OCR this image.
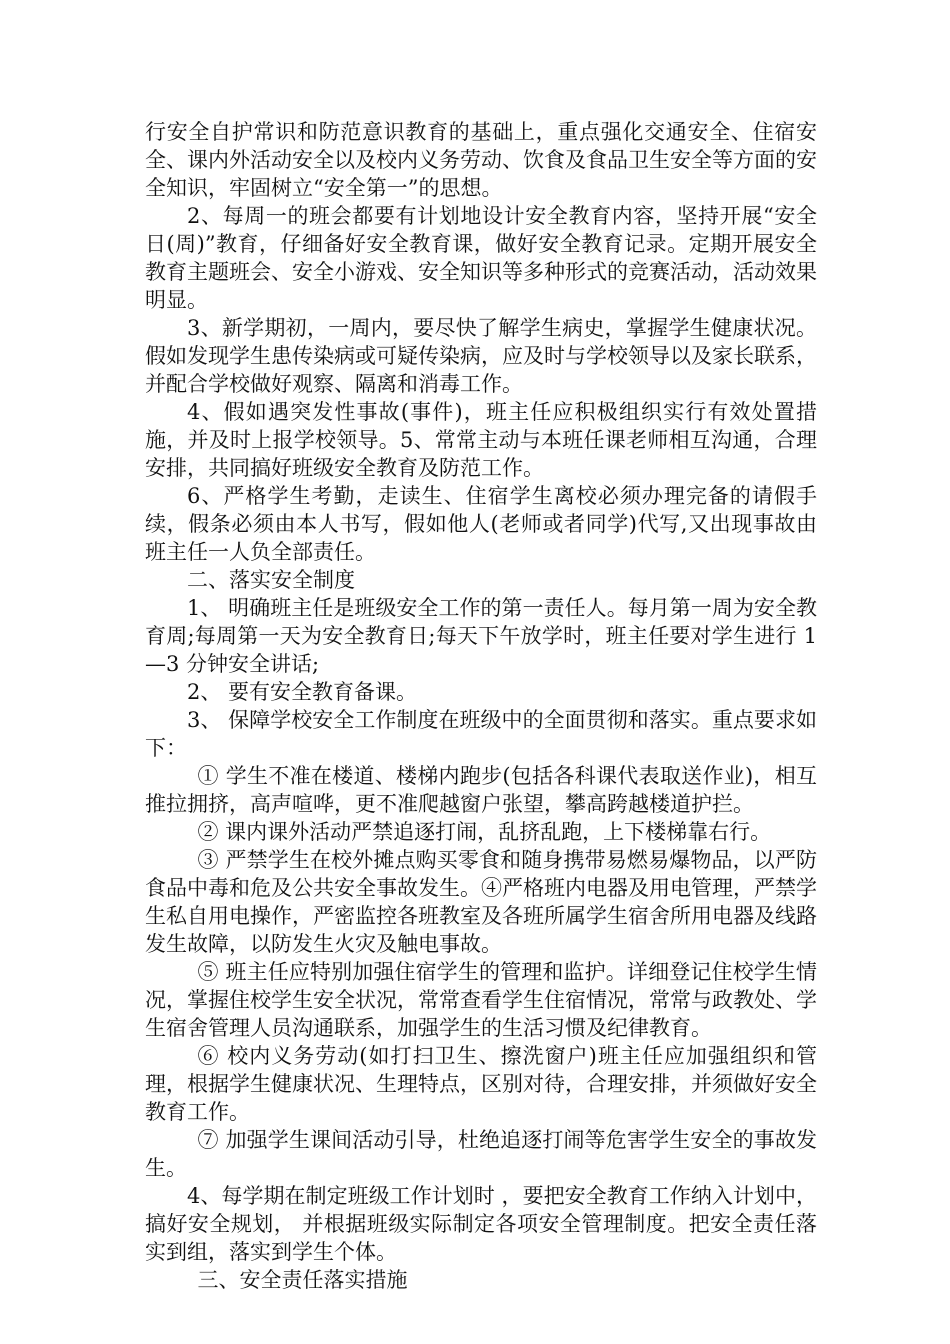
行安全自护常识和防范意识教育的基础上，重点强化交通安全、住宿安全、课内外活动安全以及校内义务劳动、饮食及食品卫生安全等方面的安全知识，牢固树立“安全第一”的思想。

2、每周一的班会都要有计划地设计安全教育内容，坚持开展“安全日(周)”教育，仔细备好安全教育课，做好安全教育记录。定期开展安全教育主题班会、安全小游戏、安全知识等多种形式的竞赛活动，活动效果明显。

3、新学期初，一周内，要尽快了解学生病史，掌握学生健康状况。假如发现学生患传染病或可疑传染病，应及时与学校领导以及家长联系，并配合学校做好观察、隔离和消毒工作。

4、假如遇突发性事故(事件)，班主任应积极组织实行有效处置措施，并及时上报学校领导。5、常常主动与本班任课老师相互沟通，合理安排，共同搞好班级安全教育及防范工作。

6、严格学生考勤，走读生、住宿学生离校必须办理完备的请假手续，假条必须由本人书写，假如他人(老师或者同学)代写,又出现事故由班主任一人负全部责任。

二、落实安全制度

1、 明确班主任是班级安全工作的第一责任人。每月第一周为安全教育周;每周第一天为安全教育日;每天下午放学时，班主任要对学生进行 1—3 分钟安全讲话;

2、 要有安全教育备课。

3、 保障学校安全工作制度在班级中的全面贯彻和落实。重点要求如下：

① 学生不准在楼道、楼梯内跑步(包括各科课代表取送作业)，相互推拉拥挤，高声喧哗，更不准爬越窗户张望，攀高跨越楼道护拦。

② 课内课外活动严禁追逐打闹，乱挤乱跑，上下楼梯靠右行。

③ 严禁学生在校外摊点购买零食和随身携带易燃易爆物品，以严防食品中毒和危及公共安全事故发生。④严格班内电器及用电管理，严禁学生私自用电操作，严密监控各班教室及各班所属学生宿舍所用电器及线路发生故障，以防发生火灾及触电事故。

⑤ 班主任应特别加强住宿学生的管理和监护。详细登记住校学生情况，掌握住校学生安全状况，常常查看学生住宿情况，常常与政教处、学生宿舍管理人员沟通联系，加强学生的生活习惯及纪律教育。

⑥ 校内义务劳动(如打扫卫生、擦洗窗户)班主任应加强组织和管理，根据学生健康状况、生理特点，区别对待，合理安排，并须做好安全教育工作。

⑦ 加强学生课间活动引导，杜绝追逐打闹等危害学生安全的事故发生。

4、每学期在制定班级工作计划时 ，要把安全教育工作纳入计划中，搞好安全规划， 并根据班级实际制定各项安全管理制度。把安全责任落实到组，落实到学生个体。

三、安全责任落实措施
